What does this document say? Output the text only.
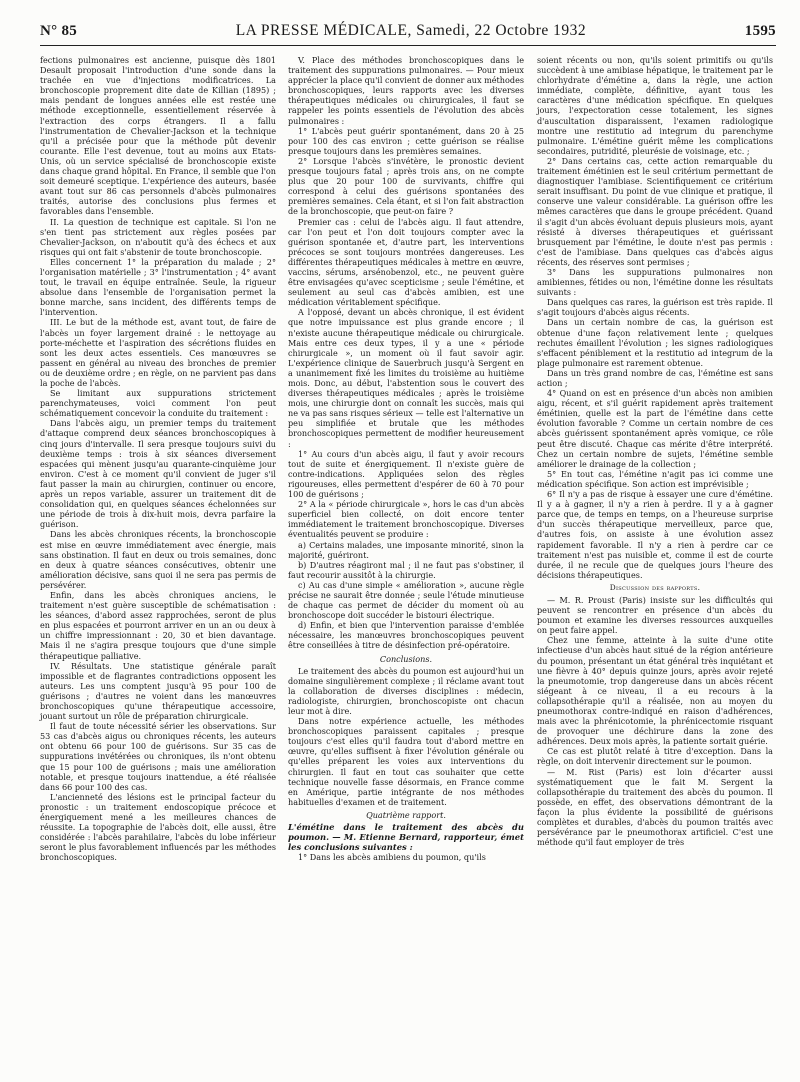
N° 85	LA PRESSE MÉDICALE, Samedi, 22 Octobre 1932	1595

fections pulmonaires est ancienne, puisque dès 1801 Desault proposait l'introduction d'une sonde dans la trachée en vue d'injections modificatrices. La bronchoscopie proprement dite date de Killian (1895) ; mais pendant de longues années elle est restée une méthode exceptionnelle, essentiellement réservée à l'extraction des corps étrangers. Il a fallu l'instrumentation de Chevalier-Jackson et la technique qu'il a précisée pour que la méthode pût devenir courante. Elle l'est devenue, tout au moins aux Etats-Unis, où un service spécialisé de bronchoscopie existe dans chaque grand hôpital. En France, il semble que l'on soit demeuré sceptique. L'expérience des auteurs, basée avant tout sur 86 cas personnels d'abcès pulmonaires traités, autorise des conclusions plus fermes et favorables dans l'ensemble.

II. La question de technique est capitale. Si l'on ne s'en tient pas strictement aux règles posées par Chevalier-Jackson, on n'aboutit qu'à des échecs et aux risques qui ont fait s'abstenir de toute bronchoscopie.

Elles concernent 1° la préparation du malade ; 2° l'organisation matérielle ; 3° l'instrumentation ; 4° avant tout, le travail en équipe entraînée. Seule, la rigueur absolue dans l'ensemble de l'organisation permet la bonne marche, sans incident, des différents temps de l'intervention.

III. Le but de la méthode est, avant tout, de faire de l'abcès un foyer largement drainé : le nettoyage au porte-méchette et l'aspiration des sécrétions fluides en sont les deux actes essentiels. Ces manœuvres se passent en général au niveau des bronches de premier ou de deuxième ordre ; en règle, on ne parvient pas dans la poche de l'abcès.

Se limitant aux suppurations strictement parenchymateuses, voici comment l'on peut schématiquement concevoir la conduite du traitement :

Dans l'abcès aigu, un premier temps du traitement d'attaque comprend deux séances bronchoscopiques à cinq jours d'intervalle. Il sera presque toujours suivi du deuxième temps : trois à six séances diversement espacées qui mènent jusqu'au quarante-cinquième jour environ. C'est à ce moment qu'il convient de juger s'il faut passer la main au chirurgien, continuer ou encore, après un repos variable, assurer un traitement dit de consolidation qui, en quelques séances échelonnées sur une période de trois à dix-huit mois, devra parfaire la guérison.

Dans les abcès chroniques récents, la bronchoscopie est mise en œuvre immédiatement avec énergie, mais sans obstination. Il faut en deux ou trois semaines, donc en deux à quatre séances consécutives, obtenir une amélioration décisive, sans quoi il ne sera pas permis de persévérer.

Enfin, dans les abcès chroniques anciens, le traitement n'est guère susceptible de schématisation : les séances, d'abord assez rapprochées, seront de plus en plus espacées et pourront arriver en un an ou deux à un chiffre impressionnant : 20, 30 et bien davantage. Mais il ne s'agira presque toujours que d'une simple thérapeutique palliative.

IV. Résultats. Une statistique générale paraît impossible et de flagrantes contradictions opposent les auteurs. Les uns comptent jusqu'à 95 pour 100 de guérisons ; d'autres ne voient dans les manœuvres bronchoscopiques qu'une thérapeutique accessoire, jouant surtout un rôle de préparation chirurgicale.

Il faut de toute nécessité sérier les observations. Sur 53 cas d'abcès aigus ou chroniques récents, les auteurs ont obtenu 66 pour 100 de guérisons. Sur 35 cas de suppurations invétérées ou chroniques, ils n'ont obtenu que 15 pour 100 de guérisons ; mais une amélioration notable, et presque toujours inattendue, a été réalisée dans 66 pour 100 des cas.

L'ancienneté des lésions est le principal facteur du pronostic : un traitement endoscopique précoce et énergiquement mené a les meilleures chances de réussite. La topographie de l'abcès doit, elle aussi, être considérée : l'abcès parahilaire, l'abcès du lobe inférieur seront le plus favorablement influencés par les méthodes bronchoscopiques.

V. Place des méthodes bronchoscopiques dans le traitement des suppurations pulmonaires. — Pour mieux apprécier la place qu'il convient de donner aux méthodes bronchoscopiques, leurs rapports avec les diverses thérapeutiques médicales ou chirurgicales, il faut se rappeler les points essentiels de l'évolution des abcès pulmonaires :

1° L'abcès peut guérir spontanément, dans 20 à 25 pour 100 des cas environ ; cette guérison se réalise presque toujours dans les premières semaines.

2° Lorsque l'abcès s'invétère, le pronostic devient presque toujours fatal ; après trois ans, on ne compte plus que 20 pour 100 de survivants, chiffre qui correspond à celui des guérisons spontanées des premières semaines. Cela étant, et si l'on fait abstraction de la bronchoscopie, que peut-on faire ?

Premier cas : celui de l'abcès aigu. Il faut attendre, car l'on peut et l'on doit toujours compter avec la guérison spontanée et, d'autre part, les interventions précoces se sont toujours montrées dangereuses. Les différentes thérapeutiques médicales à mettre en œuvre, vaccins, sérums, arsénobenzol, etc., ne peuvent guère être envisagées qu'avec scepticisme ; seule l'émétine, et seulement au seul cas d'abcès amibien, est une médication véritablement spécifique.

A l'opposé, devant un abcès chronique, il est évident que notre impuissance est plus grande encore ; il n'existe aucune thérapeutique médicale ou chirurgicale. Mais entre ces deux types, il y a une « période chirurgicale », un moment où il faut savoir agir. L'expérience clinique de Sauerbruch jusqu'à Sergent en a unanimement fixé les limites du troisième au huitième mois. Donc, au début, l'abstention sous le couvert des diverses thérapeutiques médicales ; après le troisième mois, une chirurgie dont on connaît les succès, mais qui ne va pas sans risques sérieux — telle est l'alternative un peu simplifiée et brutale que les méthodes bronchoscopiques permettent de modifier heureusement :

1° Au cours d'un abcès aigu, il faut y avoir recours tout de suite et énergiquement. Il n'existe guère de contre-indications. Appliquées selon des règles rigoureuses, elles permettent d'espérer de 60 à 70 pour 100 de guérisons ;

2° A la « période chirurgicale », hors le cas d'un abcès superficiel bien collecté, on doit encore tenter immédiatement le traitement bronchoscopique. Diverses éventualités peuvent se produire :

a) Certains malades, une imposante minorité, sinon la majorité, guériront.

b) D'autres réagiront mal ; il ne faut pas s'obstiner, il faut recourir aussitôt à la chirurgie.

c) Au cas d'une simple « amélioration », aucune règle précise ne saurait être donnée ; seule l'étude minutieuse de chaque cas permet de décider du moment où au bronchoscope doit succéder le bistouri électrique.

d) Enfin, et bien que l'intervention paraisse d'emblée nécessaire, les manœuvres bronchoscopiques peuvent être conseillées à titre de désinfection pré-opératoire.

Conclusions.

Le traitement des abcès du poumon est aujourd'hui un domaine singulièrement complexe ; il réclame avant tout la collaboration de diverses disciplines : médecin, radiologiste, chirurgien, bronchoscopiste ont chacun leur mot à dire.

Dans notre expérience actuelle, les méthodes bronchoscopiques paraissent capitales ; presque toujours c'est elles qu'il faudra tout d'abord mettre en œuvre, qu'elles suffisent à fixer l'évolution générale ou qu'elles préparent les voies aux interventions du chirurgien. Il faut en tout cas souhaiter que cette technique nouvelle fasse désormais, en France comme en Amérique, partie intégrante de nos méthodes habituelles d'examen et de traitement.

Quatrième rapport.

L'émétine dans le traitement des abcès du poumon. — M. Etienne Bernard, rapporteur, émet les conclusions suivantes :

1° Dans les abcès amibiens du poumon, qu'ils

soient récents ou non, qu'ils soient primitifs ou qu'ils succèdent à une amibiase hépatique, le traitement par le chlorhydrate d'émétine a, dans la règle, une action immédiate, complète, définitive, ayant tous les caractères d'une médication spécifique. En quelques jours, l'expectoration cesse totalement, les signes d'auscultation disparaissent, l'examen radiologique montre une restitutio ad integrum du parenchyme pulmonaire. L'émétine guérit même les complications secondaires, putridité, pleurésie de voisinage, etc. ;

2° Dans certains cas, cette action remarquable du traitement émétinien est le seul critérium permettant de diagnostiquer l'amibiase. Scientifiquement ce critérium serait insuffisant. Du point de vue clinique et pratique, il conserve une valeur considérable. La guérison offre les mêmes caractères que dans le groupe précédent. Quand il s'agit d'un abcès évoluant depuis plusieurs mois, ayant résisté à diverses thérapeutiques et guérissant brusquement par l'émétine, le doute n'est pas permis : c'est de l'amibiase. Dans quelques cas d'abcès aigus récents, des réserves sont permises ;

3° Dans les suppurations pulmonaires non amibiennes, fétides ou non, l'émétine donne les résultats suivants :

Dans quelques cas rares, la guérison est très rapide. Il s'agit toujours d'abcès aigus récents.

Dans un certain nombre de cas, la guérison est obtenue d'une façon relativement lente ; quelques rechutes émaillent l'évolution ; les signes radiologiques s'effacent péniblement et la restitutio ad integrum de la plage pulmonaire est rarement obtenue.

Dans un très grand nombre de cas, l'émétine est sans action ;

4° Quand on est en présence d'un abcès non amibien aigu, récent, et s'il guérit rapidement après traitement émétinien, quelle est la part de l'émétine dans cette évolution favorable ? Comme un certain nombre de ces abcès guérissent spontanément après vomique, ce rôle peut être discuté. Chaque cas mérite d'être interprété. Chez un certain nombre de sujets, l'émétine semble améliorer le drainage de la collection ;

5° En tout cas, l'émétine n'agit pas ici comme une médication spécifique. Son action est imprévisible ;

6° Il n'y a pas de risque à essayer une cure d'émétine. Il y a à gagner, il n'y a rien à perdre. Il y a à gagner parce que, de temps en temps, on a l'heureuse surprise d'un succès thérapeutique merveilleux, parce que, d'autres fois, on assiste à une évolution assez rapidement favorable. Il n'y a rien à perdre car ce traitement n'est pas nuisible et, comme il est de courte durée, il ne recule que de quelques jours l'heure des décisions thérapeutiques.

Discussion des rapports.

— M. R. Proust (Paris) insiste sur les difficultés qui peuvent se rencontrer en présence d'un abcès du poumon et examine les diverses ressources auxquelles on peut faire appel.

Chez une femme, atteinte à la suite d'une otite infectieuse d'un abcès haut situé de la région antérieure du poumon, présentant un état général très inquiétant et une fièvre à 40° depuis quinze jours, après avoir rejeté la pneumotomie, trop dangereuse dans un abcès récent siégeant à ce niveau, il a eu recours à la collapsothérapie qu'il a réalisée, non au moyen du pneumothorax contre-indiqué en raison d'adhérences, mais avec la phrénicotomie, la phrénicectomie risquant de provoquer une déchirure dans la zone des adhérences. Deux mois après, la patiente sortait guérie.

Ce cas est plutôt relaté à titre d'exception. Dans la règle, on doit intervenir directement sur le poumon.

— M. Rist (Paris) est loin d'écarter aussi systématiquement que le fait M. Sergent la collapsothérapie du traitement des abcès du poumon. Il possède, en effet, des observations démontrant de la façon la plus évidente la possibilité de guérisons complètes et durables, d'abcès du poumon traités avec persévérance par le pneumothorax artificiel. C'est une méthode qu'il faut employer de très
